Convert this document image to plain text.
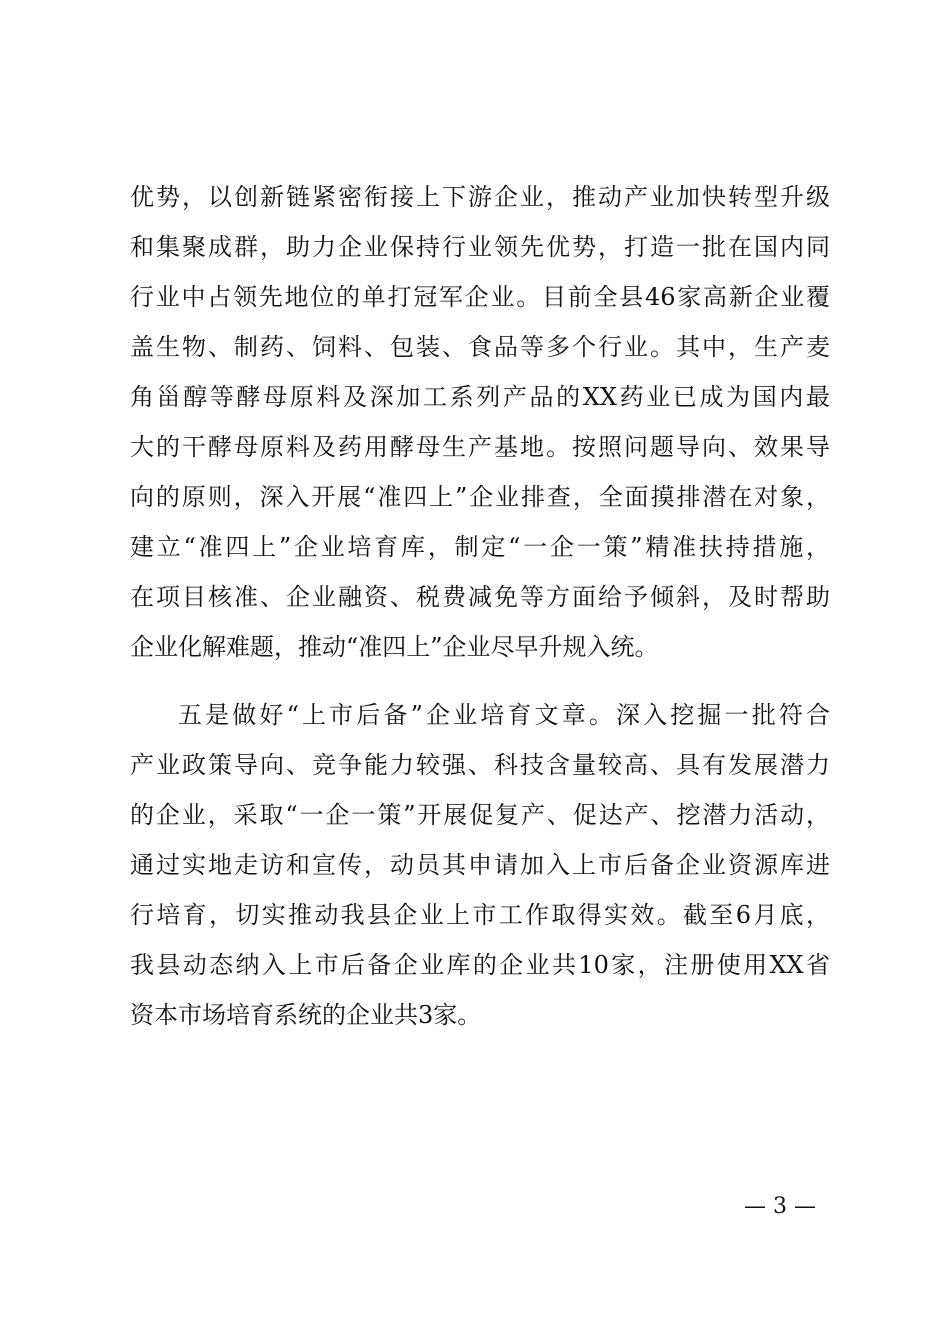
优势，以创新链紧密衔接上下游企业，推动产业加快转型升级
和集聚成群，助力企业保持行业领先优势，打造一批在国内同
行业中占领先地位的单打冠军企业。目前全县46家高新企业覆
盖生物、制药、饲料、包装、食品等多个行业。其中，生产麦
角甾醇等酵母原料及深加工系列产品的XX药业已成为国内最
大的干酵母原料及药用酵母生产基地。按照问题导向、效果导
向的原则，深入开展“准四上”企业排查，全面摸排潜在对象，
建立“准四上”企业培育库，制定“一企一策”精准扶持措施，
在项目核准、企业融资、税费减免等方面给予倾斜，及时帮助
企业化解难题，推动“准四上”企业尽早升规入统。
五是做好“上市后备”企业培育文章。深入挖掘一批符合
产业政策导向、竞争能力较强、科技含量较高、具有发展潜力
的企业，采取“一企一策”开展促复产、促达产、挖潜力活动，
通过实地走访和宣传，动员其申请加入上市后备企业资源库进
行培育，切实推动我县企业上市工作取得实效。截至6月底，
我县动态纳入上市后备企业库的企业共10家，注册使用XX省
资本市场培育系统的企业共3家。
— 3 —
